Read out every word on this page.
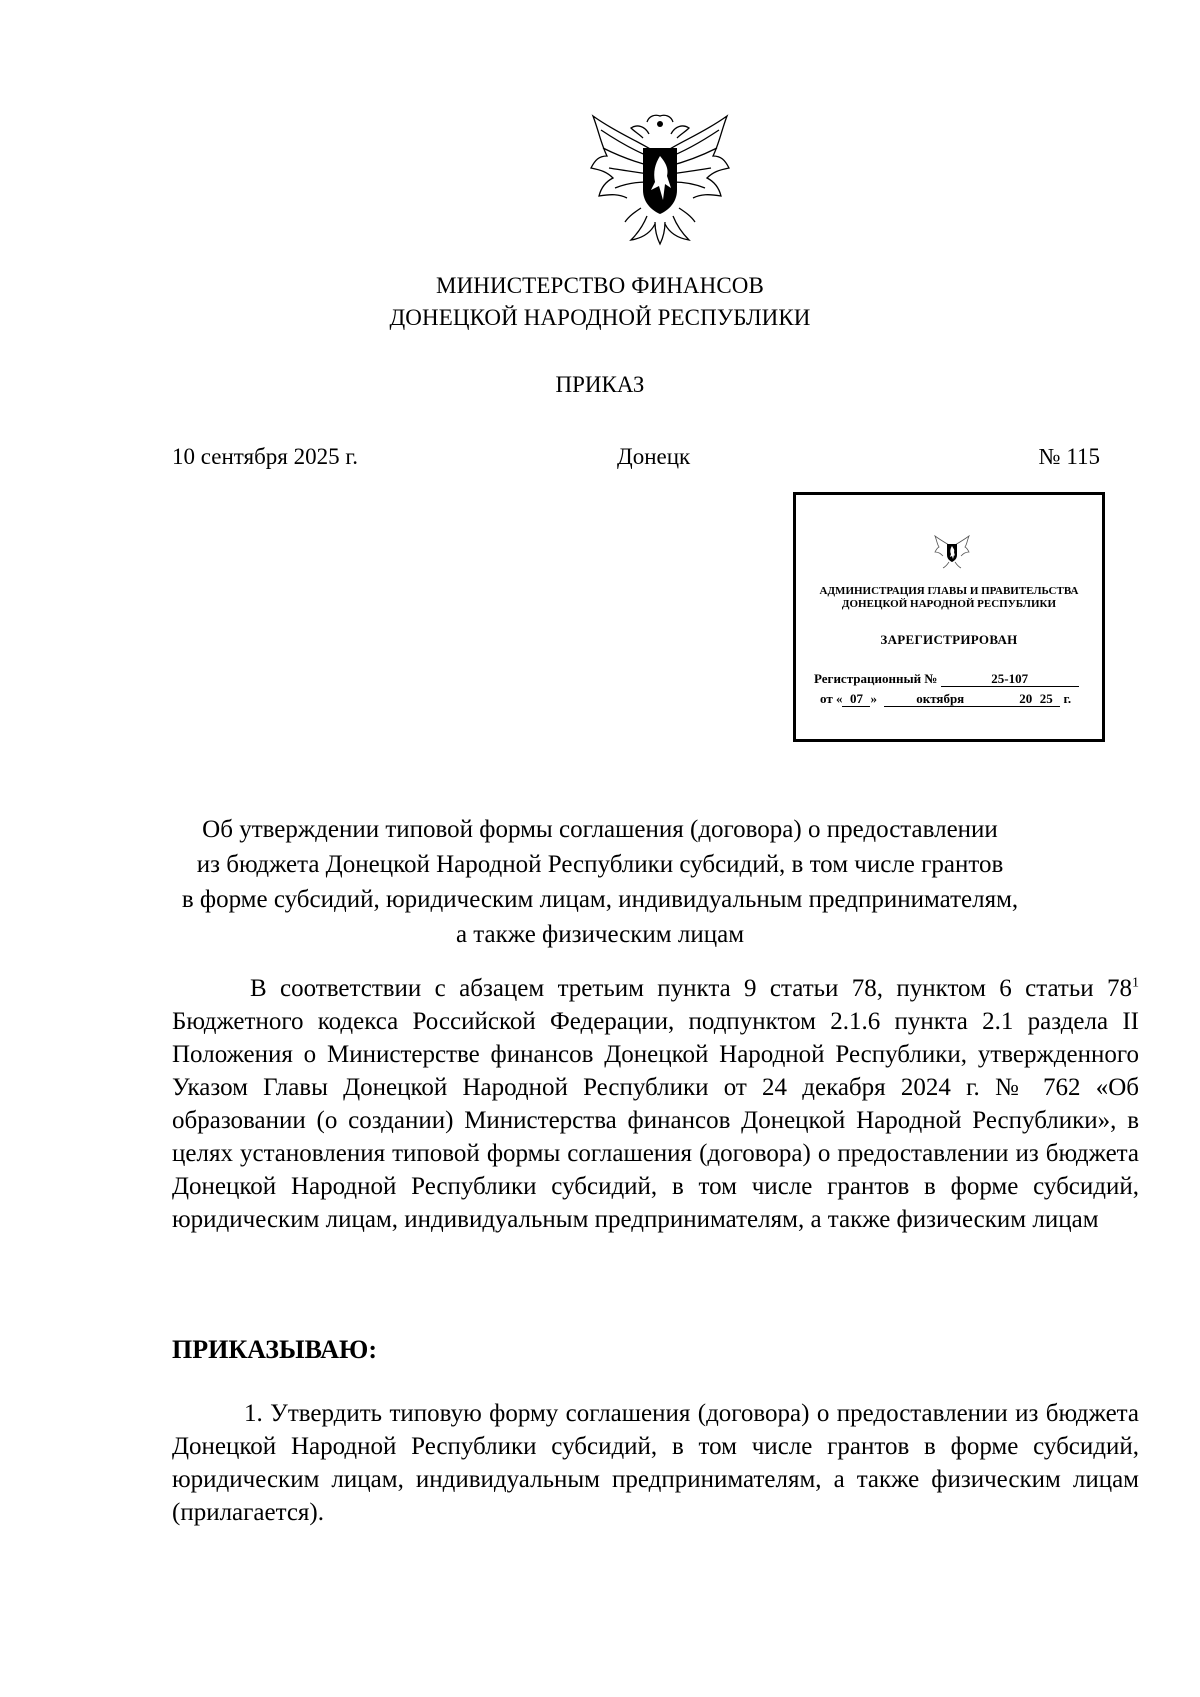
МИНИСТЕРСТВО ФИНАНСОВ
ДОНЕЦКОЙ НАРОДНОЙ РЕСПУБЛИКИ
ПРИКАЗ
10 сентября 2025 г.	Донецк	№ 115
АДМИНИСТРАЦИЯ ГЛАВЫ И ПРАВИТЕЛЬСТВА
ДОНЕЦКОЙ НАРОДНОЙ РЕСПУБЛИКИ
ЗАРЕГИСТРИРОВАН
Регистрационный №	25-107
от « 07 »	октября	20 25 г.
Об утверждении типовой формы соглашения (договора) о предоставлении
из бюджета Донецкой Народной Республики субсидий, в том числе грантов
в форме субсидий, юридическим лицам, индивидуальным предпринимателям,
а также физическим лицам

В соответствии с абзацем третьим пункта 9 статьи 78, пунктом 6 статьи $78^1$ Бюджетного кодекса Российской Федерации, подпунктом 2.1.6 пункта 2.1 раздела II Положения о Министерстве финансов Донецкой Народной Республики, утвержденного Указом Главы Донецкой Народной Республики от 24 декабря 2024 г. № 762 «Об образовании (о создании) Министерства финансов Донецкой Народной Республики», в целях установления типовой формы соглашения (договора) о предоставлении из бюджета Донецкой Народной Республики субсидий, в том числе грантов в форме субсидий, юридическим лицам, индивидуальным предпринимателям, а также физическим лицам

ПРИКАЗЫВАЮ:

1. Утвердить типовую форму соглашения (договора) о предоставлении из бюджета Донецкой Народной Республики субсидий, в том числе грантов в форме субсидий, юридическим лицам, индивидуальным предпринимателям, а также физическим лицам (прилагается).
